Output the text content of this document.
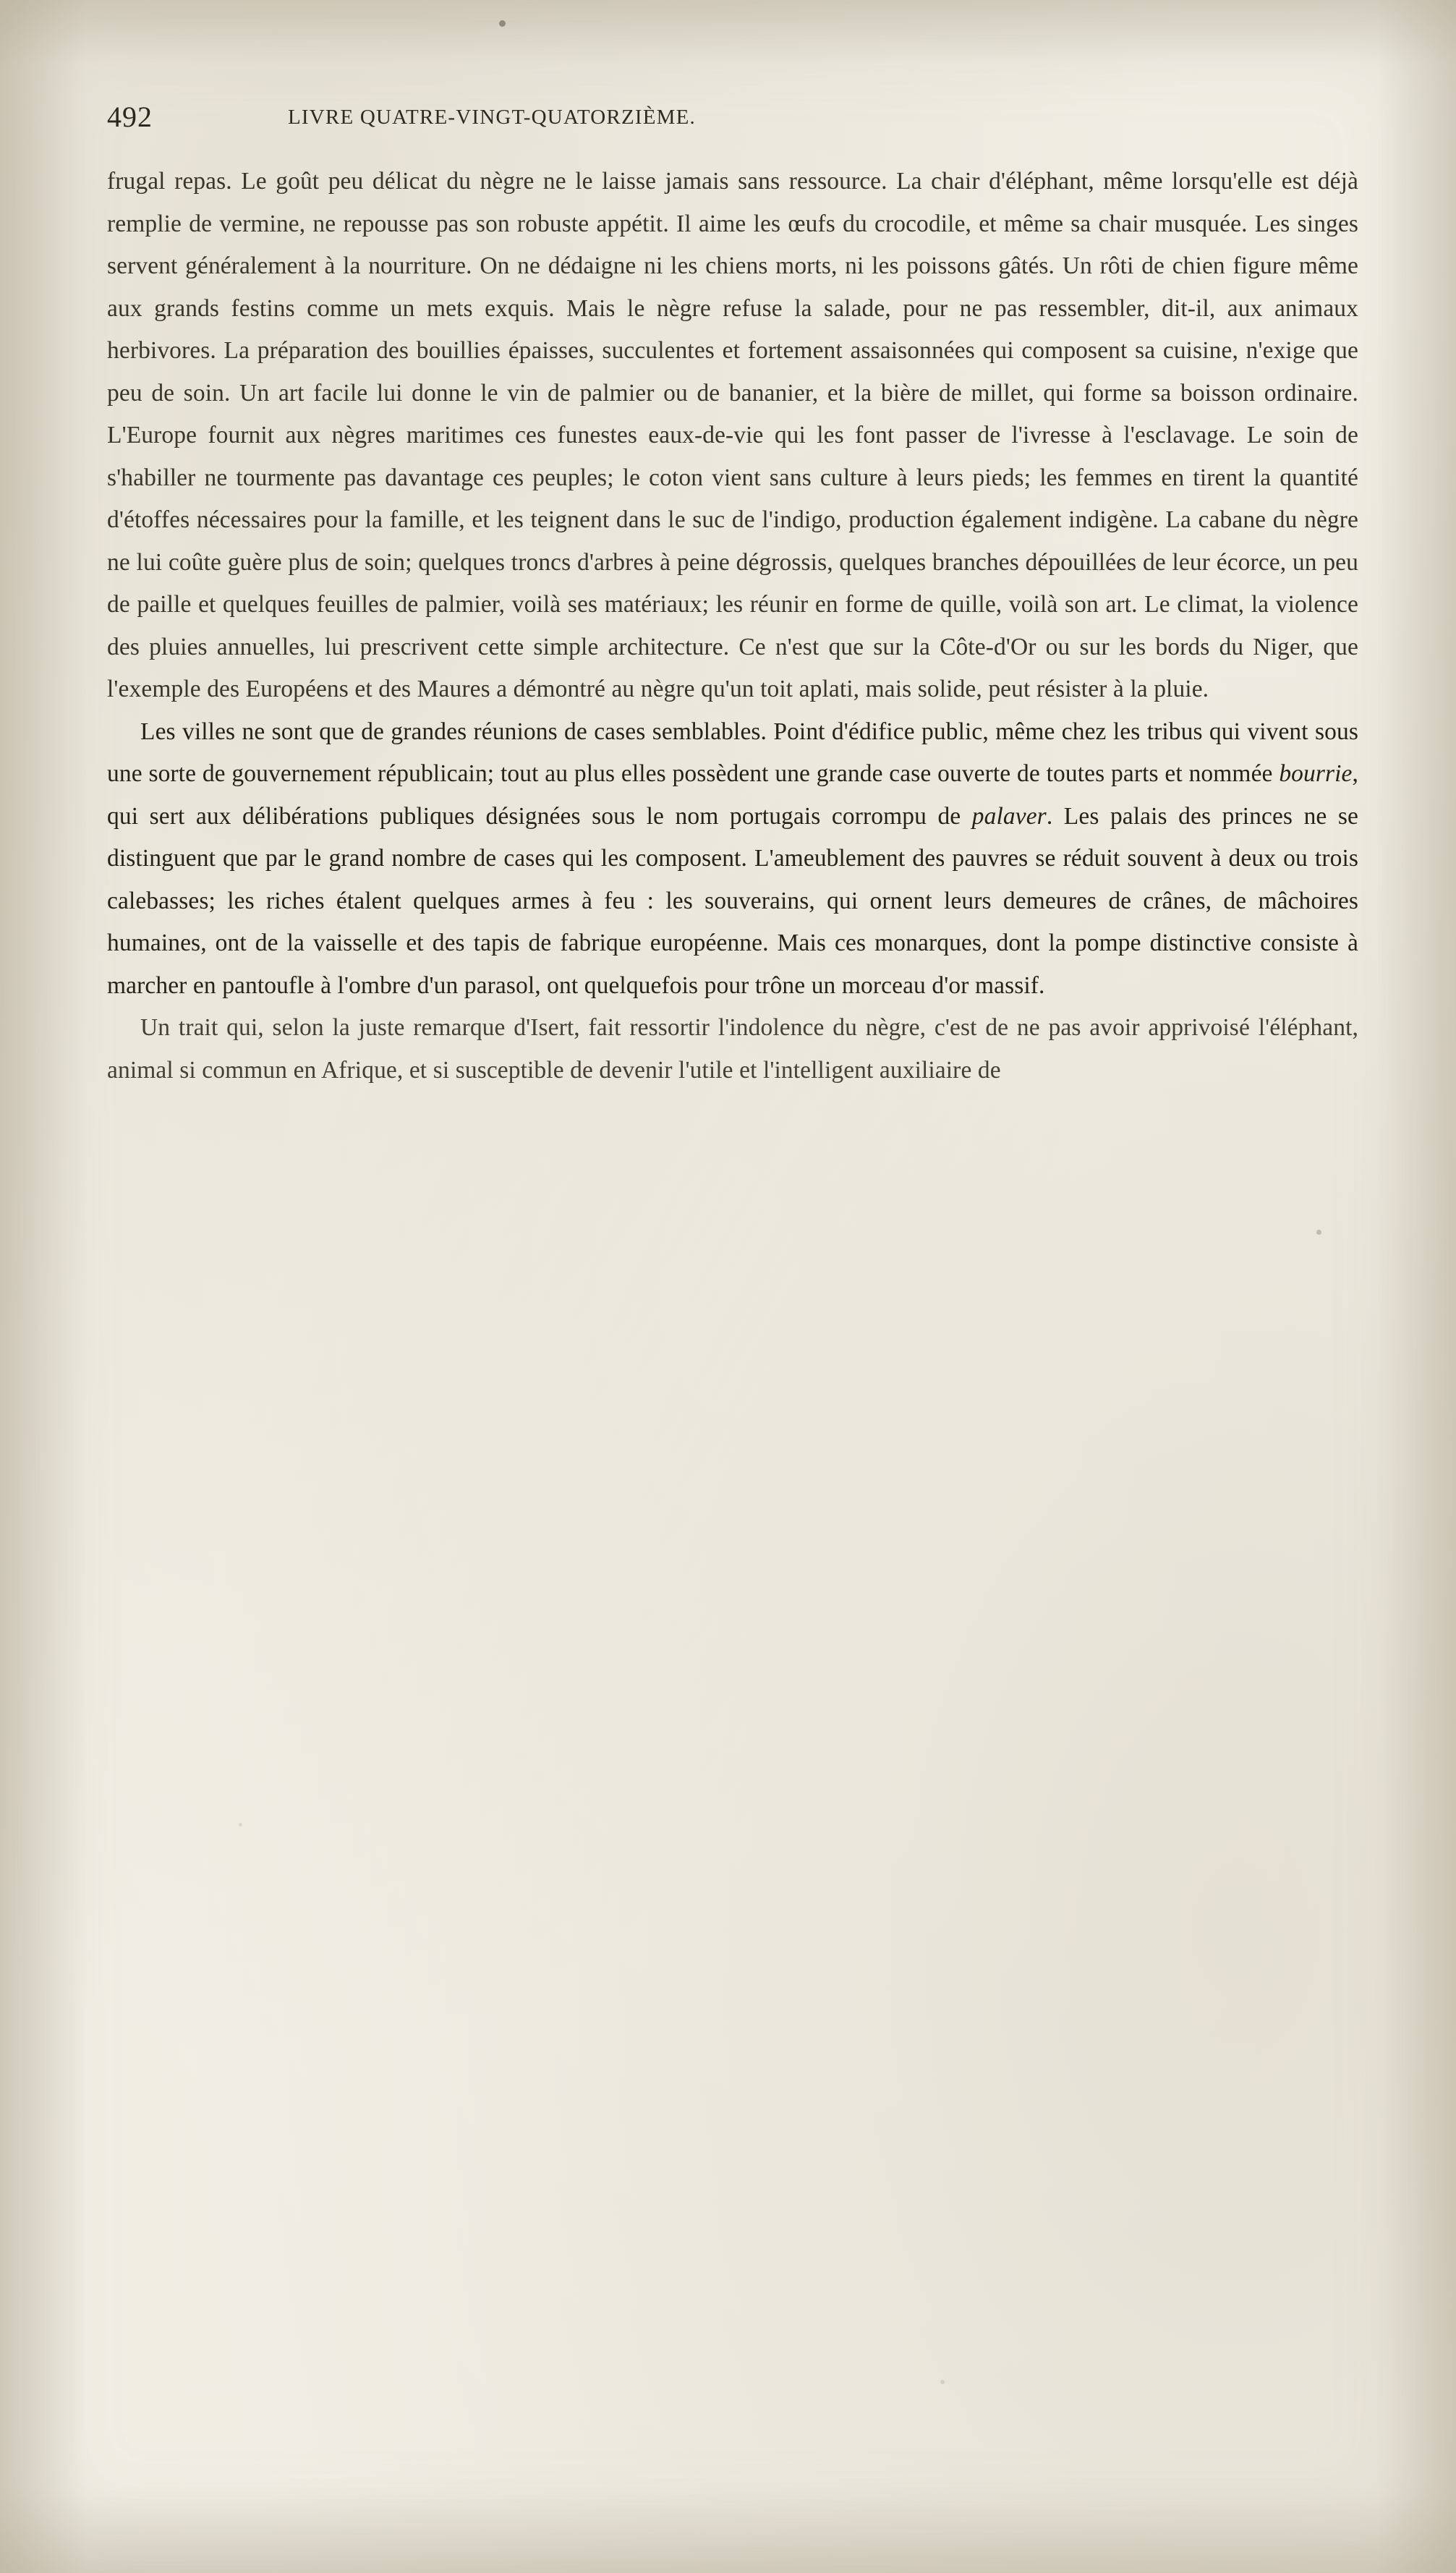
492	LIVRE QUATRE-VINGT-QUATORZIÈME.

frugal repas. Le goût peu délicat du nègre ne le laisse jamais sans ressource. La chair d'éléphant, même lorsqu'elle est déjà remplie de vermine, ne repousse pas son robuste appétit. Il aime les œufs du crocodile, et même sa chair musquée. Les singes servent généralement à la nourriture. On ne dédaigne ni les chiens morts, ni les poissons gâtés. Un rôti de chien figure même aux grands festins comme un mets exquis. Mais le nègre refuse la salade, pour ne pas ressembler, dit-il, aux animaux herbivores. La préparation des bouillies épaisses, succulentes et fortement assaisonnées qui composent sa cuisine, n'exige que peu de soin. Un art facile lui donne le vin de palmier ou de bananier, et la bière de millet, qui forme sa boisson ordinaire. L'Europe fournit aux nègres maritimes ces funestes eaux-de-vie qui les font passer de l'ivresse à l'esclavage. Le soin de s'habiller ne tourmente pas davantage ces peuples; le coton vient sans culture à leurs pieds; les femmes en tirent la quantité d'étoffes nécessaires pour la famille, et les teignent dans le suc de l'indigo, production également indigène. La cabane du nègre ne lui coûte guère plus de soin; quelques troncs d'arbres à peine dégrossis, quelques branches dépouillées de leur écorce, un peu de paille et quelques feuilles de palmier, voilà ses matériaux; les réunir en forme de quille, voilà son art. Le climat, la violence des pluies annuelles, lui prescrivent cette simple architecture. Ce n'est que sur la Côte-d'Or ou sur les bords du Niger, que l'exemple des Européens et des Maures a démontré au nègre qu'un toit aplati, mais solide, peut résister à la pluie.

Les villes ne sont que de grandes réunions de cases semblables. Point d'édifice public, même chez les tribus qui vivent sous une sorte de gouvernement républicain; tout au plus elles possèdent une grande case ouverte de toutes parts et nommée bourrie, qui sert aux délibérations publiques désignées sous le nom portugais corrompu de palaver. Les palais des princes ne se distinguent que par le grand nombre de cases qui les composent. L'ameublement des pauvres se réduit souvent à deux ou trois calebasses; les riches étalent quelques armes à feu : les souverains, qui ornent leurs demeures de crânes, de mâchoires humaines, ont de la vaisselle et des tapis de fabrique européenne. Mais ces monarques, dont la pompe distinctive consiste à marcher en pantoufle à l'ombre d'un parasol, ont quelquefois pour trône un morceau d'or massif.

Un trait qui, selon la juste remarque d'Isert, fait ressortir l'indolence du nègre, c'est de ne pas avoir apprivoisé l'éléphant, animal si commun en Afrique, et si susceptible de devenir l'utile et l'intelligent auxiliaire de
